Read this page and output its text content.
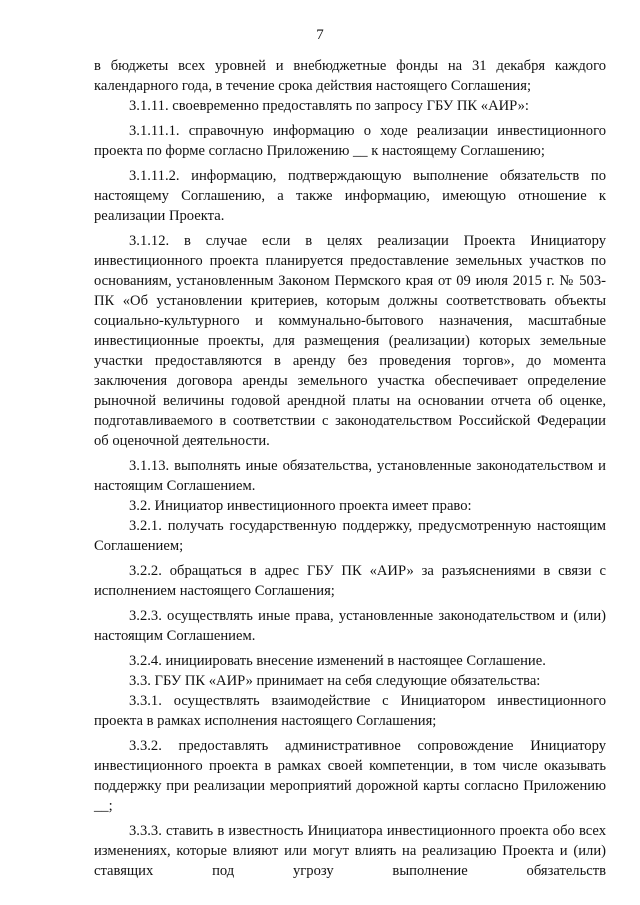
7

в бюджеты всех уровней и внебюджетные фонды на 31 декабря каждого календарного года, в течение срока действия настоящего Соглашения;

3.1.11. своевременно предоставлять по запросу ГБУ ПК «АИР»:

3.1.11.1. справочную информацию о ходе реализации инвестиционного проекта по форме согласно Приложению __ к настоящему Соглашению;

3.1.11.2. информацию, подтверждающую выполнение обязательств по настоящему Соглашению, а также информацию, имеющую отношение к реализации Проекта.

3.1.12. в случае если в целях реализации Проекта Инициатору инвестиционного проекта планируется предоставление земельных участков по основаниям, установленным Законом Пермского края от 09 июля 2015 г. № 503-ПК «Об установлении критериев, которым должны соответствовать объекты социально-культурного и коммунально-бытового назначения, масштабные инвестиционные проекты, для размещения (реализации) которых земельные участки предоставляются в аренду без проведения торгов», до момента заключения договора аренды земельного участка обеспечивает определение рыночной величины годовой арендной платы на основании отчета об оценке, подготавливаемого в соответствии с законодательством Российской Федерации об оценочной деятельности.

3.1.13. выполнять иные обязательства, установленные законодательством и настоящим Соглашением.

3.2. Инициатор инвестиционного проекта имеет право:

3.2.1. получать государственную поддержку, предусмотренную настоящим Соглашением;

3.2.2. обращаться в адрес ГБУ ПК «АИР» за разъяснениями в связи с исполнением настоящего Соглашения;

3.2.3. осуществлять иные права, установленные законодательством и (или) настоящим Соглашением.

3.2.4. инициировать внесение изменений в настоящее Соглашение.

3.3. ГБУ ПК «АИР» принимает на себя следующие обязательства:

3.3.1. осуществлять взаимодействие с Инициатором инвестиционного проекта в рамках исполнения настоящего Соглашения;

3.3.2. предоставлять административное сопровождение Инициатору инвестиционного проекта в рамках своей компетенции, в том числе оказывать поддержку при реализации мероприятий дорожной карты согласно Приложению __;

3.3.3. ставить в известность Инициатора инвестиционного проекта обо всех изменениях, которые влияют или могут влиять на реализацию Проекта и (или) ставящих под угрозу выполнение обязательств
